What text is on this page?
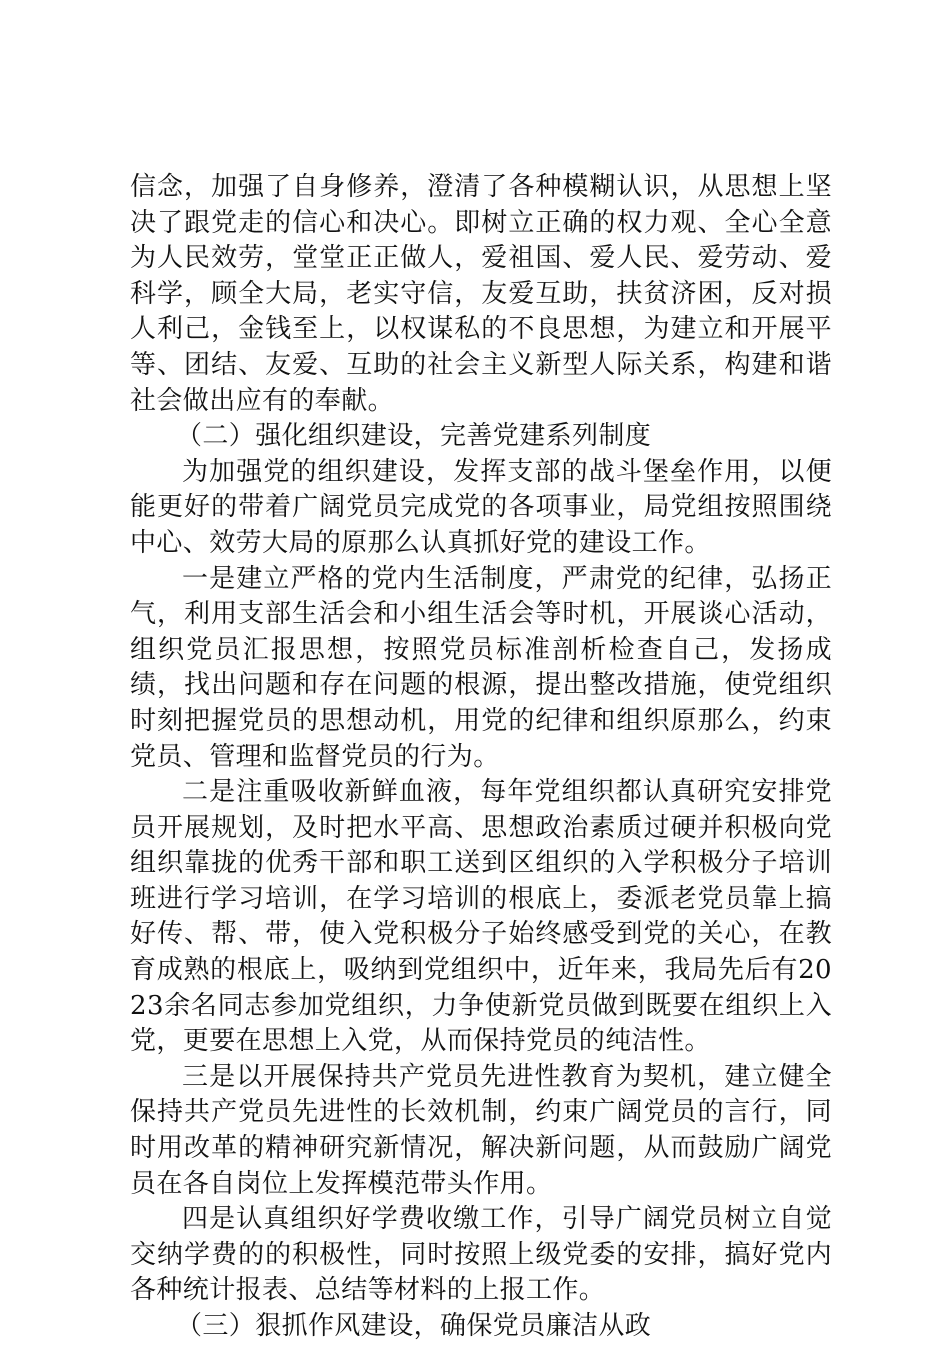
信念，加强了自身修养，澄清了各种模糊认识，从思想上坚决了跟党走的信心和决心。即树立正确的权力观、全心全意为人民效劳，堂堂正正做人，爱祖国、爱人民、爱劳动、爱科学，顾全大局，老实守信，友爱互助，扶贫济困，反对损人利己，金钱至上，以权谋私的不良思想，为建立和开展平等、团结、友爱、互助的社会主义新型人际关系，构建和谐社会做出应有的奉献。

（二）强化组织建设，完善党建系列制度

为加强党的组织建设，发挥支部的战斗堡垒作用，以便能更好的带着广阔党员完成党的各项事业，局党组按照围绕中心、效劳大局的原那么认真抓好党的建设工作。

一是建立严格的党内生活制度，严肃党的纪律，弘扬正气，利用支部生活会和小组生活会等时机，开展谈心活动，组织党员汇报思想，按照党员标准剖析检查自己，发扬成绩，找出问题和存在问题的根源，提出整改措施，使党组织时刻把握党员的思想动机，用党的纪律和组织原那么，约束党员、管理和监督党员的行为。

二是注重吸收新鲜血液，每年党组织都认真研究安排党员开展规划，及时把水平高、思想政治素质过硬并积极向党组织靠拢的优秀干部和职工送到区组织的入学积极分子培训班进行学习培训，在学习培训的根底上，委派老党员靠上搞好传、帮、带，使入党积极分子始终感受到党的关心，在教育成熟的根底上，吸纳到党组织中，近年来，我局先后有2023余名同志参加党组织，力争使新党员做到既要在组织上入党，更要在思想上入党，从而保持党员的纯洁性。

三是以开展保持共产党员先进性教育为契机，建立健全保持共产党员先进性的长效机制，约束广阔党员的言行，同时用改革的精神研究新情况，解决新问题，从而鼓励广阔党员在各自岗位上发挥模范带头作用。

四是认真组织好学费收缴工作，引导广阔党员树立自觉交纳学费的的积极性，同时按照上级党委的安排，搞好党内各种统计报表、总结等材料的上报工作。

（三）狠抓作风建设，确保党员廉洁从政
